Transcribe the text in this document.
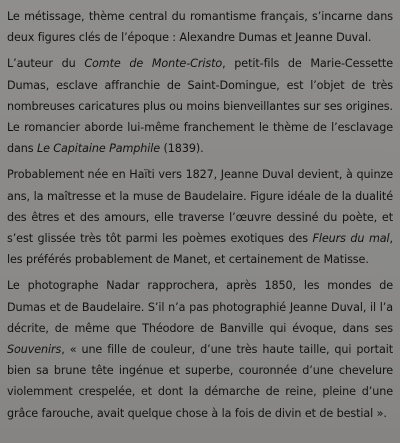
Le métissage, thème central du romantisme français, s’incarne dans deux figures clés de l’époque : Alexandre Dumas et Jeanne Duval.

L’auteur du Comte de Monte-Cristo, petit-fils de Marie-Cessette Dumas, esclave affranchie de Saint-Domingue, est l’objet de très nombreuses caricatures plus ou moins bienveillantes sur ses origines. Le romancier aborde lui-même franchement le thème de l’esclavage dans Le Capitaine Pamphile (1839).

Probablement née en Haïti vers 1827, Jeanne Duval devient, à quinze ans, la maîtresse et la muse de Baudelaire. Figure idéale de la dualité des êtres et des amours, elle traverse l’œuvre dessiné du poète, et s’est glissée très tôt parmi les poèmes exotiques des Fleurs du mal, les préférés probablement de Manet, et certainement de Matisse.

Le photographe Nadar rapprochera, après 1850, les mondes de Dumas et de Baudelaire. S’il n’a pas photographié Jeanne Duval, il l’a décrite, de même que Théodore de Banville qui évoque, dans ses Souvenirs, « une fille de couleur, d’une très haute taille, qui portait bien sa brune tête ingénue et superbe, couronnée d’une chevelure violemment crespelée, et dont la démarche de reine, pleine d’une grâce farouche, avait quelque chose à la fois de divin et de bestial ».
